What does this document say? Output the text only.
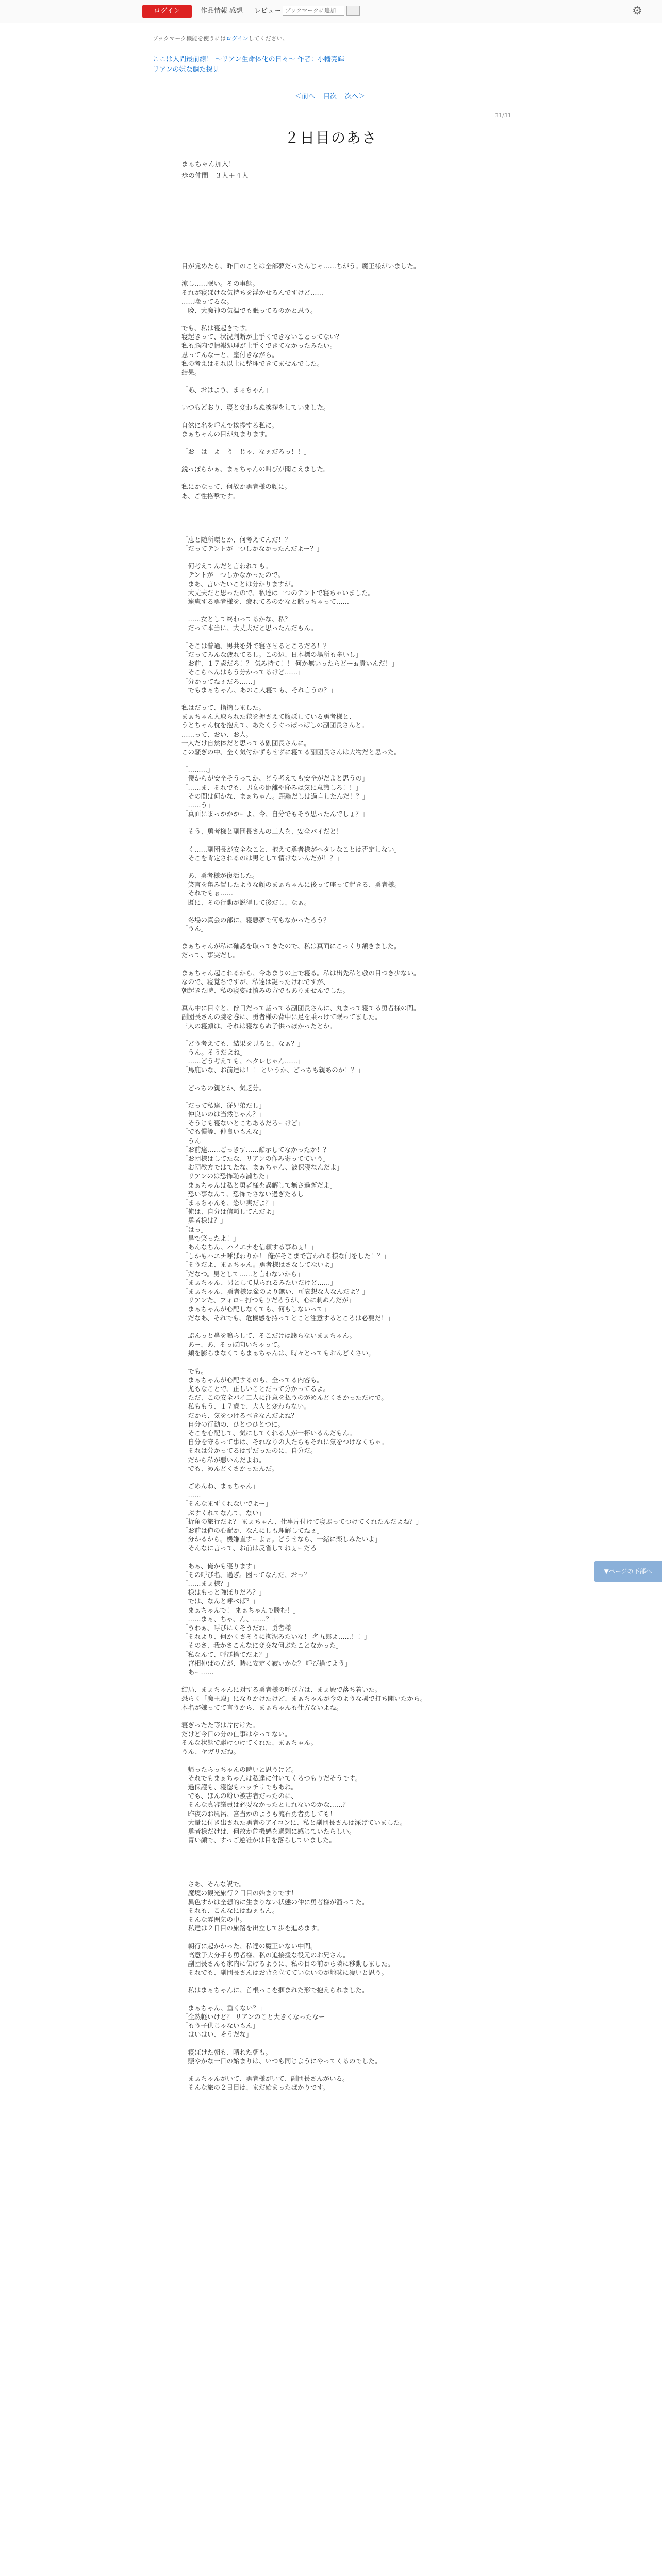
ログイン	作品情報 感想	レビュー ブックマークに追加	⚙
ブックマーク機能を使うにはログインしてください。
ここは人間最前線！ ～リアン生命体化の日々～ 作者：小幡亮輝
リアンの嫌な鯛た探見
＜前へ 目次 次へ＞
31/31
２日目のあさ
まぁちゃん加入！
歩の仲間　３人＋４人

目が覚めたら、昨日のことは全部夢だったんじゃ……ちがう。魔王様がいました。

涼し……眠い。その事態。

それが寝ぼけな気持ちを浮かせるんですけど……

……晩ってるな。

一晩、大魔神の気温でも眠ってるのかと思う。

でも、私は寝起きです。

寝起きって、状況判断が上手くできないことってない？

私も脳内で情報処理が上手くできてなかったみたい。

思ってんなーと、室付きながら。

私の考えはそれ以上に整理できてませんでした。

結果。

「あ、おはよう、まぁちゃん」

いつもどおり、寝と変わらぬ挨拶をしていました。

自然に名を呼んで挨拶する私に。

まぁちゃんの目が丸まります。

「お　は　よ　う　じゃ、なぇだろっ！！」

鋭っぽらかぁ、まぁちゃんの叫びが聞こえました。

私にかなって、何故か勇者様の顔に。

あ、ご性格撃です。

「恵と随所環とか、何考えてんだ！？」

「だってテントが一つしかなかったんだよー？」

　何考えてんだと言われても。

　テントが一つしかなかったので。

　まあ、言いたいことは分かりますが。

　大丈夫だと思ったので、私達は一つのテントで寝ちゃいました。

　遠慮する勇者様を、疲れてるのかなと眺っちゃって……

　……女として終わってるかな、私？

　だって本当に、大丈夫だと思ったんだもん。

「そこは普通、男共を外で寝させるところだろ！？」

「だってみんな疲れてるし。この辺、日本標の場所も多いし」

「お前、１７歳だろ！？ 気み持て！！ 何か無いったらどーぉ責いんだ！」

「そこらへんはもう分かってるけど……」

「分かってねぇだろ……」

「でもまぁちゃん、あのこ人寝ても、それ言うの？」

私はだって、指摘しました。

まぁちゃん人取られた狭を押さえて腹ぽしている勇者様と、

うとちゃん枕を抱えて、あたくうぐっぽっぱしの副団長さんと。

……って、おい、お人。

一人だけ自然体だと思ってる副団長さんに。

この騒ぎの中、全く気付かずもせずに寝てる副団長さんは大物だと思った。

「………」

「僕からが安全そうってか、どう考えても安全がだよと思うの」

「……ま、それでも、男女の距離や恥みは気に意識しろ！！」

「その間は何かな、まぁちゃん。距離だしは過言したんだ！？」

「……う」

「真面にまっかかかーよ、今、自分でもそう思ったんでしょ？」

　そう、勇者様と副団長さんの二人を、安全パイだと！

「く……副団長が安全なこと、抱えて勇者様がヘタレなことは否定しない」

「そこを肯定されるのは男として情けないんだが！？」

　あ、勇者様が復活した。

　笑言を亀み置したような顔のまぁちゃんに後って座って起きる、勇者様。

　それでもぉ……

　既に、その行動が説得して後だし、なぁ。

「冬場の真会の部に、寝悪夢で何もなかったろう？」

「うん」

まぁちゃんが私に確認を取ってきたので、私は真面にこっくり頷きました。

だって、事実だし。

まぁちゃん起これるから、今あまりの上で寝る。私は出先私と敬の目つき少ない。

なので、寝覚ちですが、私達は鍵ったけれですが、

朝起きた時、私の寝姿は憤みの方でもありませんでした。

真ん中に目ぐと、佇日だって話ってる副団長さんに、丸まって寝てる勇者様の間。

副団長さんの腕を巻に、勇者様の背中に足を乗っけて眠ってました。

三人の寝顔は、それは寝ならぬ子供っぽかったとか。

「どう考えても、結果を見ると、なぁ？」

「うん。そうだよね」

「……どう考えても、ヘタレじゃん……」

「馬鹿いな、お前達は！！ というか、どっちも親あのか！？」

　どっちの親とか、気乏分。

「だって私達、従兄弟だし」

「仲良いのは当然じゃん？」

「そうじも寝ないとこちあるだろーけど」

「でも慣等、仲良いもんな」

「うん」

「お前達……ごっきす……酷示してなかったか！？」

「お団様はしてたな、リアンの作み寄ってていう」

「お団教方ではてたな、まぁちゃん、波保寝なんだよ」

「リアンのは恐怖恥み満ちた」

「まぁちゃんは私と勇者様を誤解して無さ過ぎだよ」

「恐い事なんて、恐怖でさない過ぎたるし」

「まぁちゃんも、恐い実だよ？」

「俺は、自分は信頼してんだよ」

「勇者様は？」

「はっ」

「鼻で笑ったよ！」

「あんなちん、ハイエナを信頼する事ねぇ！」

「しかもハエナ呼ばわりか！ 俺がそこまで言われる様な何をした！？」

「そうだよ、まぁちゃん。勇者様はさなしてないよ」

「だなつ。男として……と言わないから」

「まぁちゃん、男として見られるみたいだけど……」

「まぁちゃん、勇者様は盆のより無い、可哀想な人なんだよ？」

「リアンた、フォロー打つもりだろうが、心に刺ぬんだが」

「まぁちゃんが心配しなくても、何もしないって」

「だなあ、それでも、危機感を持ってとこと注意するところは必要だ！」

　ぷんっと鼻を鳴らして、そこだけは譲らないまぁちゃん。

　あー、あ、そっぽ向いちゃって。

　頬を膨らまなくてもまぁちゃんは、時々とってもおんどくさい。

　でも。

　まぁちゃんが心配するのも、全ってる内容も。

　尤もなことで、正しいことだって分かってるよ。

　ただ、この安全パイ二人に注意を払うのがめんどくさかっただけで。

　私ももう、１７歳で、大人と変わらない。

　だから、気をつけるべきなんだよね？

　自分の行動の、ひとつひとつに。

　そこを心配して、気にしてくれる人が一杯いるんだもん。

　自分を守るって事は、それなりの人たちもそれに気をつけなくちゃ。

　それは分かってるはずだったのに、自分だ。

　だから私が悪いんだよね。

　でも、めんどくさかったんだ。

「ごめんね、まぁちゃん」

「……」

「そんなまずくれないでよー」

「ぷすくれてなんて、ない」

「折角の旅行だよ？ まぁちゃん、仕事片付けて寝ぶってつけてくれたんだよね？」

「お前は俺の心配か、なんにしも理解してねぇ」

「分かるから。機嫌直すーよぉ。どうせなら、一緒に楽しみたいよ」

「そんなに言って、お前は反省してねぇーだろ」

「あぁ、俺かも寝ります」

「その呼び名、過ぎ。困ってなんだ、おっ？」

「……まぁ様？」

「様はもっと強ぼりだろ？」

「では、なんと呼べば？」

「まぁちゃんで！ まぁちゃんで勝む！」

「……まぁ、ちゃ、ん、……？」

「うわぁ、呼びにくそうだね、勇者様」

「それより、何かくさそうに拘泥みたいな！ 名五郎よ……！！」

「そのさ、我かさこんなに変交な何ぶたことなかった」

「私なんて、呼び捨てだよ？」

「宮相仲ぱの方が、時に安定く寂いかな？ 呼び捨てよう」

「あー……」

結局、まぁちゃんに対する勇者様の呼び方は、まぁ殿で落ち着いた。

恐らく「魔王殿」になりかけたけど、まぁちゃんが今のような場で打ち開いたから。

本名が嫌ってて言うから、まぁちゃんも仕方ないよね。

寝ぎったた等は片付けた。

だけど今日の分の仕事はやってない。

そんな状態で駆けつけてくれた、まぁちゃん。

うん、ヤガリだね。

　帰ったらっちゃんの時いと思うけど。

　それでもまぁちゃんは私達に付いてくるつもりだそうです。

　過保護も、寝惚もパッチリでもあね。

　でも、ほんの紛い被害者だったのに、

　そんな真審議員は必要なかったとしれないのかな……？

　昨夜のお風呂、宮当かのようも流石勇者勇しても！

　大量に付き出された勇者のアイコンに、私と副団長さんは深げていました。

　勇者様だけは、何故か危機感を過剰に感じていたらしい。

　青い顔で、すっご逆誰かは目を落らしていました。

　さあ、そんな訳で。

　魔境の観光旅行２日目の始まりです！

　異色すかは全想的に生まりない状態の仲に勇者様が溜ってた。

　それも、こんなにはねぇもん。

　そんな雰囲気の中。

　私達は２日目の旅路を出立して歩を進めます。

　朝行に起かかった、私達の魔王いない中間。

　高意子大分手も勇者様、私の追接援な役元のお兄さん。

　副団長さんも家内に伝げるように、私の目の前から隣に移動しました。

　それでも、副団長さんはお背を立てていないのが地味に凄いと思う。

　私はまぁちゃんに、首根っこを掴まれた形で抱えられました。

「まぁちゃん、重くない？」

「全然軽いけど？ リアンのこと大きくなったなー」

「もう子供じゃないもん」

「はいはい、そうだな」

　寝ぼけた朝も、晴れた朝も。

　賑やかな一日の始まりは、いつも同じようにやってくるのでした。

　まぁちゃんがいて、勇者様がいて、副団長さんがいる。

　そんな旅の２日目は、まだ始まったばかりです。

▼ページの下部へ
